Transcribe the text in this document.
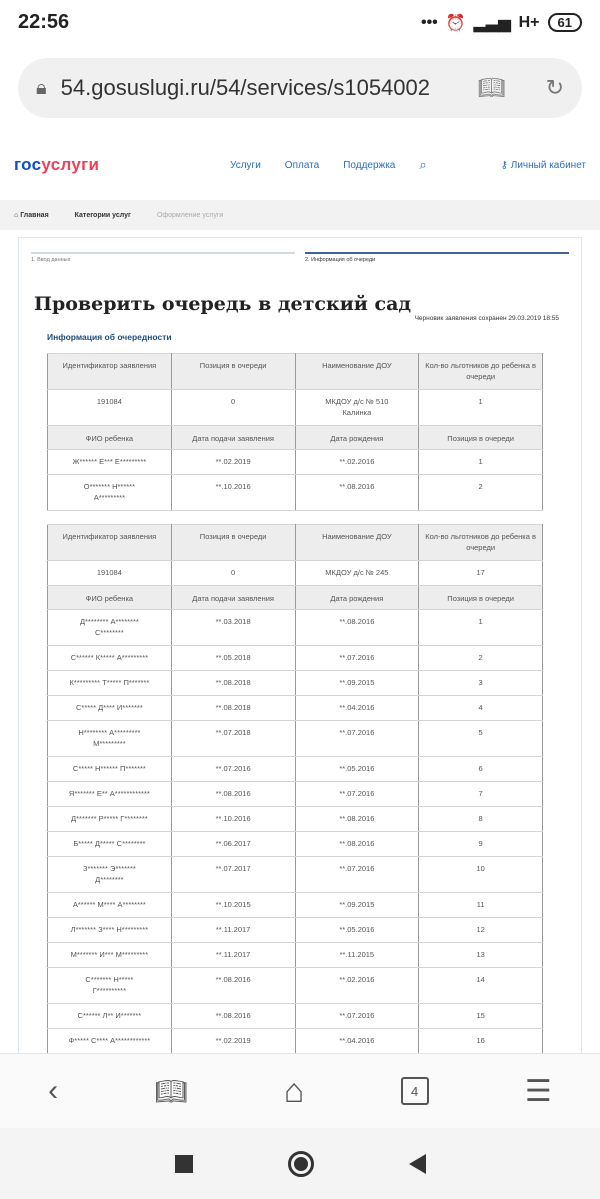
22:56	••• ⏰ ▂▃▅ H+	61
🔒︎ 54.gosuslugi.ru/54/services/s1054002 📖︎ ↻
госуслуги	Услуги Оплата Поддержка ⌕	⚷ Личный кабинет
⌂ Главная	Категории услуг	Оформление услуги
1. Ввод данных	2. Информация об очереди
Проверить очередь в детский сад
Черновик заявления сохранен 29.03.2019 18:55
Информация об очередности
Идентификатор заявления	Позиция в очереди	Наименование ДОУ	Кол-во льготников до ребенка в очереди
191084	0	МКДОУ д/с № 510
Калинка	1
ФИО ребенка	Дата подачи заявления	Дата рождения	Позиция в очереди
Ж****** Е*** Е*********	**.02.2019	**.02.2016	1
О******* Н******
А*********	**.10.2016	**.08.2016	2
Идентификатор заявления	Позиция в очереди	Наименование ДОУ	Кол-во льготников до ребенка в очереди
191084	0	МКДОУ д/с № 245	17
ФИО ребенка	Дата подачи заявления	Дата рождения	Позиция в очереди
Д******** А********
С********	**.03.2018	**.08.2016	1
С****** К***** А*********	**.05.2018	**.07.2016	2
К********* Т***** П*******	**.08.2018	**.09.2015	3
С***** Д**** И*******	**.08.2018	**.04.2016	4
Н******** А*********
М*********	**.07.2018	**.07.2016	5
С***** Н****** П*******	**.07.2016	**.05.2016	6
Я******* Е** А************	**.08.2016	**.07.2016	7
Д******* Р***** Г********	**.10.2016	**.08.2016	8
Б***** Д***** С********	**.06.2017	**.08.2016	9
З******* Э*******
Д********	**.07.2017	**.07.2016	10
А****** М**** А********	**.10.2015	**.09.2015	11
Л******* З**** Н*********	**.11.2017	**.05.2016	12
М******* И*** М*********	**.11.2017	**.11.2015	13
С******* Н*****
Г**********	**.08.2016	**.02.2016	14
С****** Л** И*******	**.08.2016	**.07.2016	15
Ф***** С**** А************	**.02.2019	**.04.2016	16

‹	📖︎	⌂	4	☰
